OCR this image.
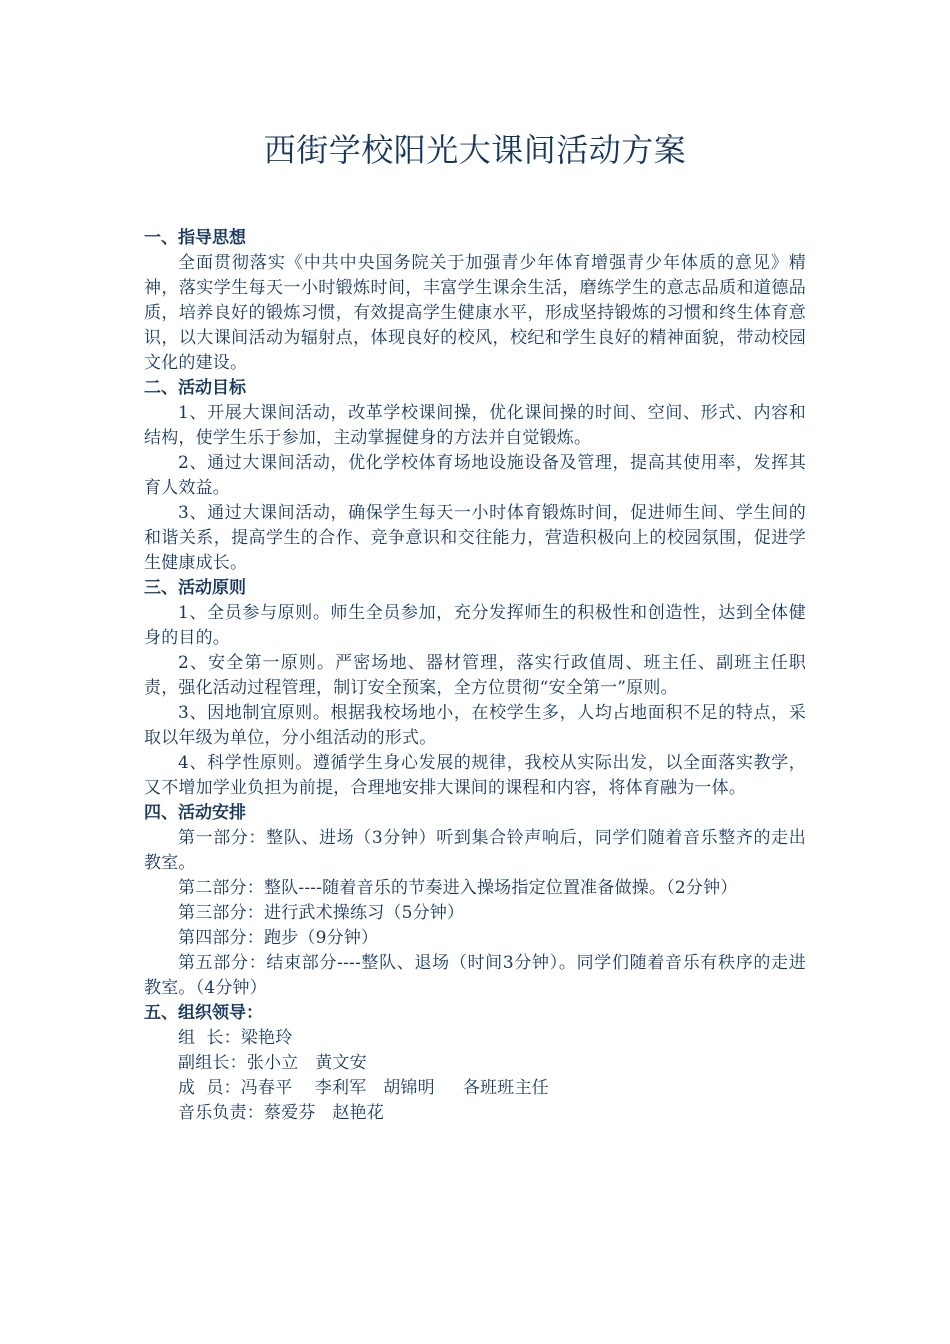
西街学校阳光大课间活动方案
一、指导思想

全面贯彻落实《中共中央国务院关于加强青少年体育增强青少年体质的意见》精神，落实学生每天一小时锻炼时间，丰富学生课余生活，磨练学生的意志品质和道德品质，培养良好的锻炼习惯，有效提高学生健康水平，形成坚持锻炼的习惯和终生体育意识，以大课间活动为辐射点，体现良好的校风，校纪和学生良好的精神面貌，带动校园文化的建设。

二、活动目标

1、开展大课间活动，改革学校课间操，优化课间操的时间、空间、形式、内容和结构，使学生乐于参加，主动掌握健身的方法并自觉锻炼。

2、通过大课间活动，优化学校体育场地设施设备及管理，提高其使用率，发挥其育人效益。

3、通过大课间活动，确保学生每天一小时体育锻炼时间，促进师生间、学生间的和谐关系，提高学生的合作、竞争意识和交往能力，营造积极向上的校园氛围，促进学生健康成长。

三、活动原则

1、全员参与原则。师生全员参加，充分发挥师生的积极性和创造性，达到全体健身的目的。

2、安全第一原则。严密场地、器材管理，落实行政值周、班主任、副班主任职责，强化活动过程管理，制订安全预案，全方位贯彻“安全第一”原则。

3、因地制宜原则。根据我校场地小，在校学生多，人均占地面积不足的特点，采取以年级为单位，分小组活动的形式。

4、科学性原则。遵循学生身心发展的规律，我校从实际出发，以全面落实教学，又不增加学业负担为前提，合理地安排大课间的课程和内容，将体育融为一体。

四、活动安排

第一部分：整队、进场（3分钟）听到集合铃声响后，同学们随着音乐整齐的走出教室。

第二部分：整队----随着音乐的节奏进入操场指定位置准备做操。（2分钟）

第三部分：进行武术操练习（5分钟）

第四部分：跑步（9分钟）

第五部分：结束部分----整队、退场（时间3分钟）。同学们随着音乐有秩序的走进教室。（4分钟）

五、组织领导：

组  长：梁艳玲

副组长：张小立   黄文安

成  员：冯春平    李利军   胡锦明     各班班主任

音乐负责：蔡爱芬   赵艳花
